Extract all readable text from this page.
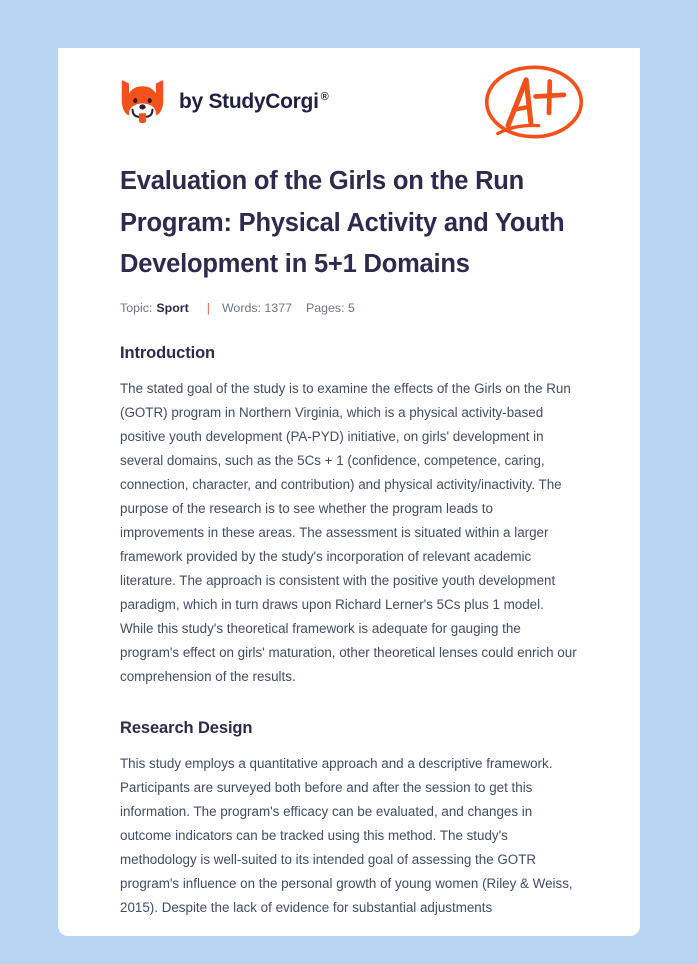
by StudyCorgi ®
Evaluation of the Girls on the Run Program: Physical Activity and Youth Development in 5+1 Domains
Topic: Sport | Words: 1377 Pages: 5
Introduction

The stated goal of the study is to examine the effects of the Girls on the Run (GOTR) program in Northern Virginia, which is a physical activity-based positive youth development (PA-PYD) initiative, on girls' development in several domains, such as the 5Cs + 1 (confidence, competence, caring, connection, character, and contribution) and physical activity/inactivity. The purpose of the research is to see whether the program leads to improvements in these areas. The assessment is situated within a larger framework provided by the study's incorporation of relevant academic literature. The approach is consistent with the positive youth development paradigm, which in turn draws upon Richard Lerner's 5Cs plus 1 model. While this study's theoretical framework is adequate for gauging the program's effect on girls' maturation, other theoretical lenses could enrich our comprehension of the results.

Research Design

This study employs a quantitative approach and a descriptive framework. Participants are surveyed both before and after the session to get this information. The program's efficacy can be evaluated, and changes in outcome indicators can be tracked using this method. The study's methodology is well-suited to its intended goal of assessing the GOTR program's influence on the personal growth of young women (Riley & Weiss, 2015). Despite the lack of evidence for substantial adjustments
